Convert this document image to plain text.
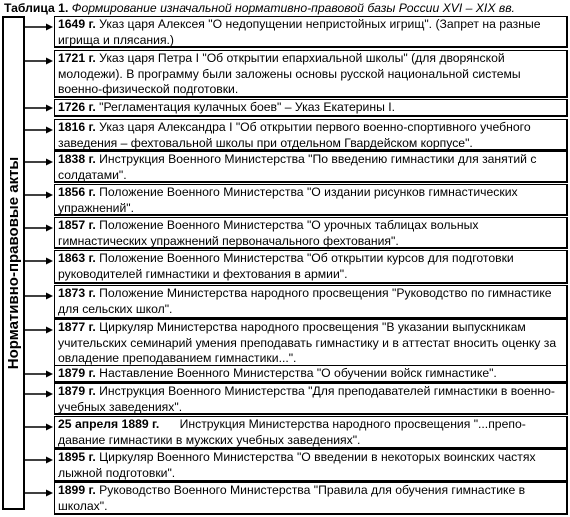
Таблица 1. Формирование изначальной нормативно-правовой базы России XVI – XIX вв.
Нормативно-правовые акты
1649 г. Указ царя Алексея "О недопущении непристойных игрищ". (Запрет на разные игрища и плясания.)
1721 г. Указ царя Петра I "Об открытии епархиальной школы" (для дворянской молодежи). В программу были заложены основы русской национальной системы военно-физической подготовки.
1726 г. "Регламентация кулачных боев" – Указ Екатерины I.
1816 г. Указ царя Александра I "Об открытии первого военно-спортивного учебного заведения – фехтовальной школы при отдельном Гвардейском корпусе".
1838 г. Инструкция Военного Министерства "По введению гимнастики для занятий с солдатами".
1856 г. Положение Военного Министерства "О издании рисунков гимнастических упражнений".
1857 г. Положение Военного Министерства "О урочных таблицах вольных гимнастических упражнений первоначального фехтования".
1863 г. Положение Военного Министерства "Об открытии курсов для подготовки руководителей гимнастики и фехтования в армии".
1873 г. Положение Министерства народного просвещения "Руководство по гимнастике для сельских школ".
1877 г. Циркуляр Министерства народного просвещения "В указании выпускникам учительских семинарий умения преподавать гимнастику и в аттестат вносить оценку за овладение преподаванием гимнастики...".
1879 г. Наставление Военного Министерства "О обучении войск гимнастике".
1879 г. Инструкция Военного Министерства "Для преподавателей гимнастики в военно-учебных заведениях".
25 апреля 1889 г.      Инструкция Министерства народного просвещения "...препо-давание гимнастики в мужских учебных заведениях".
1895 г. Циркуляр Военного Министерства "О введении в некоторых воинских частях лыжной подготовки".
1899 г. Руководство Военного Министерства "Правила для обучения гимнастике в школах".
